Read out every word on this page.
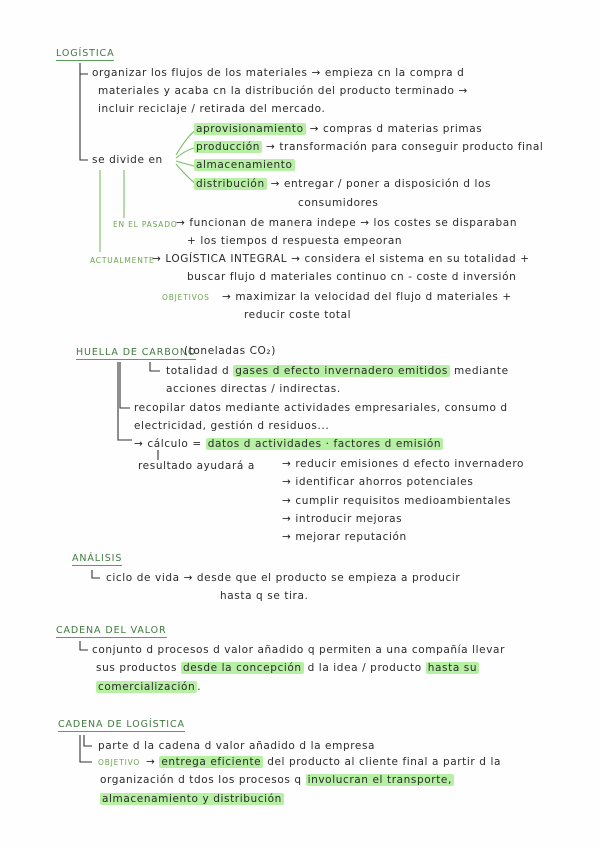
LOGÍSTICA
organizar los flujos de los materiales → empieza cn la compra d
materiales y acaba cn la distribución del producto terminado →
incluir reciclaje / retirada del mercado.
se divide en
aprovisionamiento → compras d materias primas
producción → transformación para conseguir producto final
almacenamiento
distribución → entregar / poner a disposición d los
consumidores
EN EL PASADO
→ funcionan de manera indepe → los costes se disparaban
+ los tiempos d respuesta empeoran
ACTUALMENTE
→ LOGÍSTICA INTEGRAL → considera el sistema en su totalidad +
buscar flujo d materiales continuo cn - coste d inversión
OBJETIVOS → maximizar la velocidad del flujo d materiales +
reducir coste total
HUELLA DE CARBONO
(toneladas CO₂)
totalidad d gases d efecto invernadero emitidos mediante
acciones directas / indirectas.
recopilar datos mediante actividades empresariales, consumo d
electricidad, gestión d residuos...
→ cálculo = datos d actividades · factores d emisión
resultado ayudará a	→ reducir emisiones d efecto invernadero
→ identificar ahorros potenciales
→ cumplir requisitos medioambientales
→ introducir mejoras
→ mejorar reputación
ANÁLISIS
ciclo de vida → desde que el producto se empieza a producir
hasta q se tira.
CADENA DEL VALOR
conjunto d procesos d valor añadido q permiten a una compañía llevar
sus productos desde la concepción d la idea / producto hasta su
comercialización .
CADENA DE LOGÍSTICA
parte d la cadena d valor añadido d la empresa
OBJETIVO → entrega eficiente del producto al cliente final a partir d la
organización d tdos los procesos q involucran el transporte,
almacenamiento y distribución
